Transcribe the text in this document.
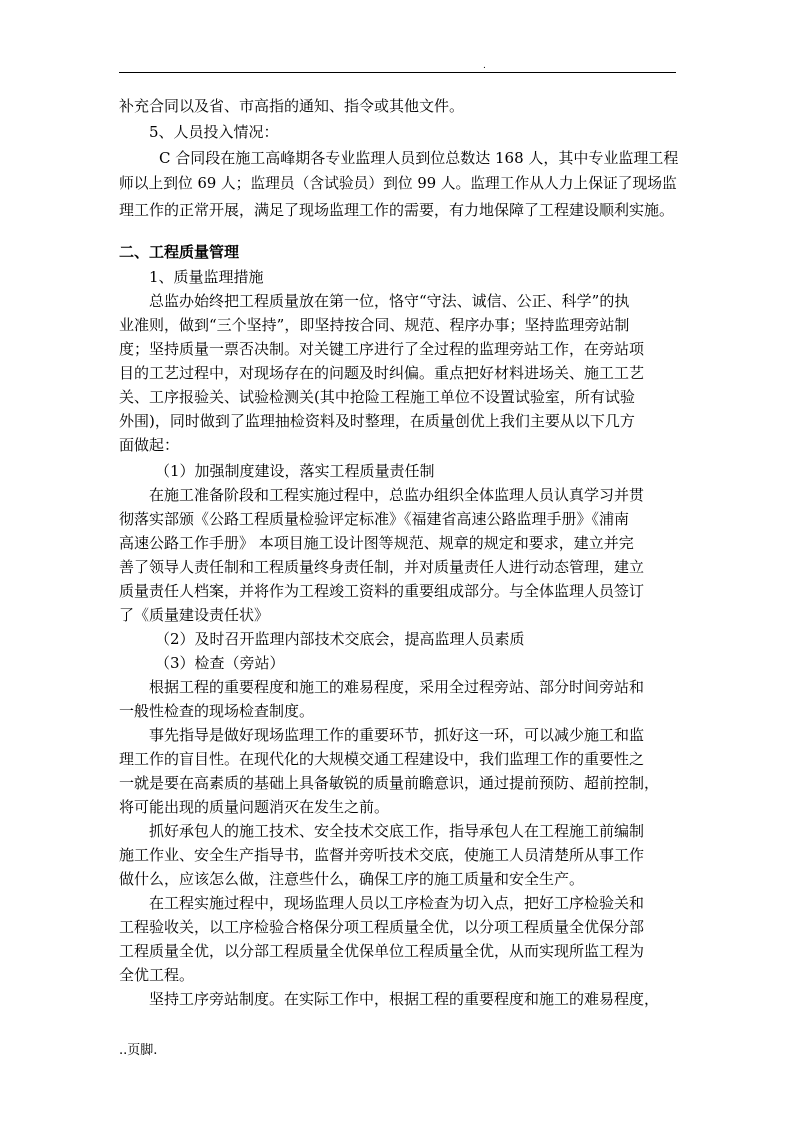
.
补充合同以及省、市高指的通知、指令或其他文件。
5、人员投入情况：
C 合同段在施工高峰期各专业监理人员到位总数达 168 人，其中专业监理工程
师以上到位 69 人；监理员（含试验员）到位 99 人。监理工作从人力上保证了现场监
理工作的正常开展，满足了现场监理工作的需要，有力地保障了工程建设顺利实施。
二、工程质量管理
1、质量监理措施
总监办始终把工程质量放在第一位，恪守“守法、诚信、公正、科学”的执
业准则，做到“三个坚持”，即坚持按合同、规范、程序办事；坚持监理旁站制
度；坚持质量一票否决制。对关键工序进行了全过程的监理旁站工作，在旁站项
目的工艺过程中，对现场存在的问题及时纠偏。重点把好材料进场关、施工工艺
关、工序报验关、试验检测关(其中抢险工程施工单位不设置试验室，所有试验
外围)，同时做到了监理抽检资料及时整理，在质量创优上我们主要从以下几方
面做起：
（1）加强制度建设，落实工程质量责任制
在施工准备阶段和工程实施过程中，总监办组织全体监理人员认真学习并贯
彻落实部颁《公路工程质量检验评定标准》《福建省高速公路监理手册》《浦南
高速公路工作手册》 本项目施工设计图等规范、规章的规定和要求，建立并完
善了领导人责任制和工程质量终身责任制，并对质量责任人进行动态管理，建立
质量责任人档案，并将作为工程竣工资料的重要组成部分。与全体监理人员签订
了《质量建设责任状》
（2）及时召开监理内部技术交底会，提高监理人员素质
（3）检查（旁站）
根据工程的重要程度和施工的难易程度，采用全过程旁站、部分时间旁站和
一般性检查的现场检查制度。
事先指导是做好现场监理工作的重要环节，抓好这一环，可以减少施工和监
理工作的盲目性。在现代化的大规模交通工程建设中，我们监理工作的重要性之
一就是要在高素质的基础上具备敏锐的质量前瞻意识，通过提前预防、超前控制，
将可能出现的质量问题消灭在发生之前。
抓好承包人的施工技术、安全技术交底工作，指导承包人在工程施工前编制
施工作业、安全生产指导书，监督并旁听技术交底，使施工人员清楚所从事工作
做什么，应该怎么做，注意些什么，确保工序的施工质量和安全生产。
在工程实施过程中，现场监理人员以工序检查为切入点，把好工序检验关和
工程验收关，以工序检验合格保分项工程质量全优，以分项工程质量全优保分部
工程质量全优，以分部工程质量全优保单位工程质量全优，从而实现所监工程为
全优工程。
坚持工序旁站制度。在实际工作中，根据工程的重要程度和施工的难易程度，
..页脚.
